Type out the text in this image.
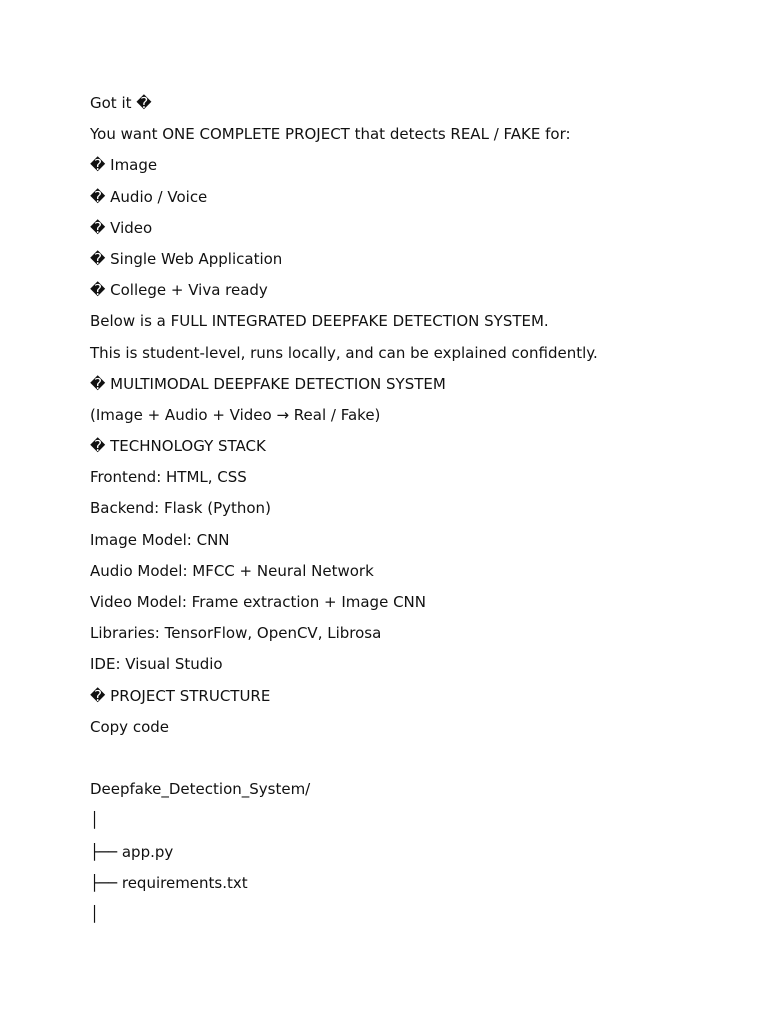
Got it �

You want ONE COMPLETE PROJECT that detects REAL / FAKE for:

� Image

� Audio / Voice

� Video

� Single Web Application

� College + Viva ready

Below is a FULL INTEGRATED DEEPFAKE DETECTION SYSTEM.

This is student-level, runs locally, and can be explained confidently.

� MULTIMODAL DEEPFAKE DETECTION SYSTEM

(Image + Audio + Video → Real / Fake)

� TECHNOLOGY STACK

Frontend: HTML, CSS

Backend: Flask (Python)

Image Model: CNN

Audio Model: MFCC + Neural Network

Video Model: Frame extraction + Image CNN

Libraries: TensorFlow, OpenCV, Librosa

IDE: Visual Studio

� PROJECT STRUCTURE

Copy code

Deepfake_Detection_System/

│

├── app.py

├── requirements.txt

│
